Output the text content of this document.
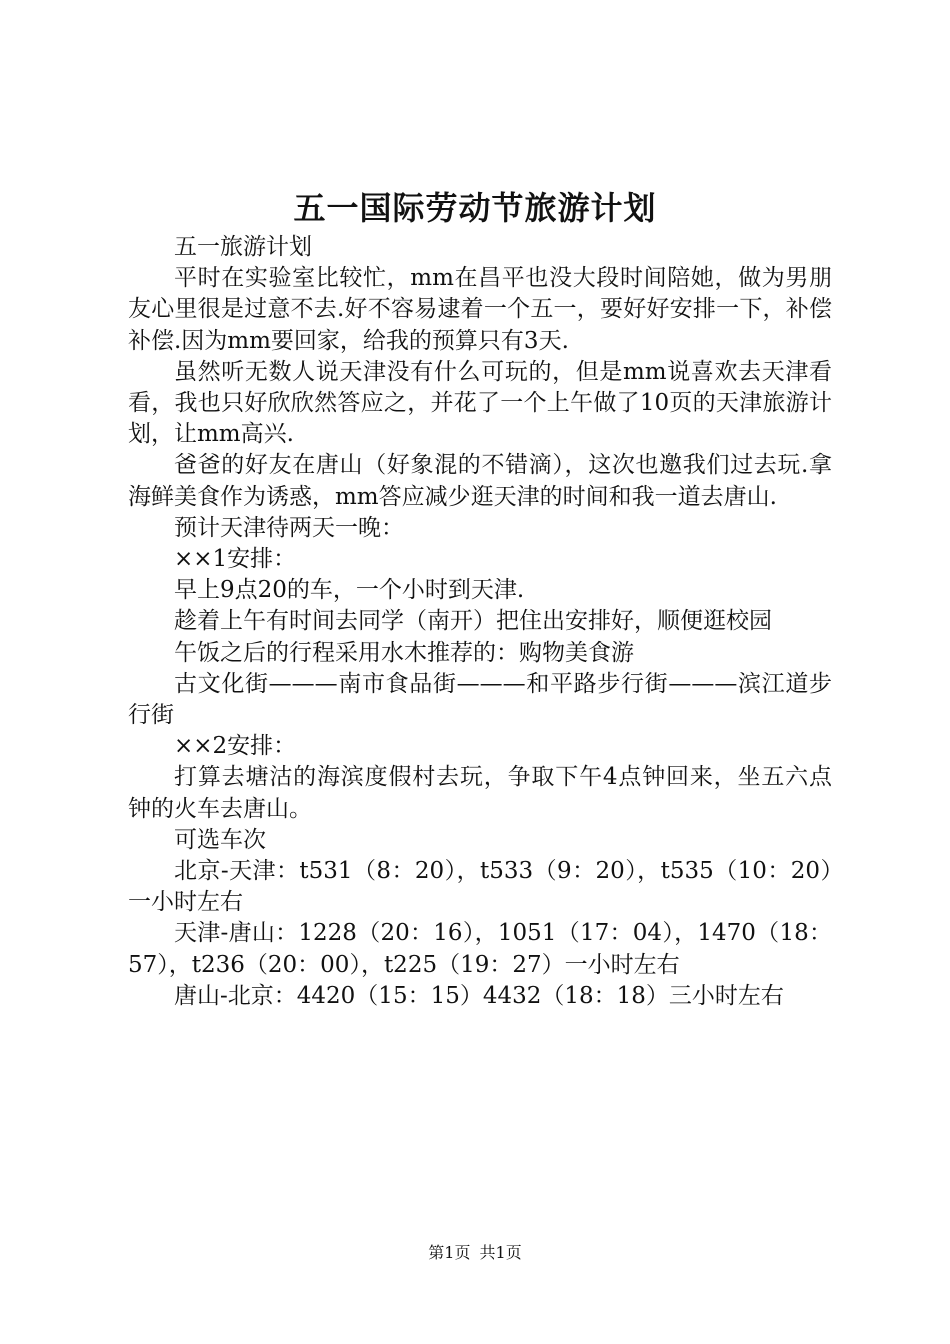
五一国际劳动节旅游计划

五一旅游计划

平时在实验室比较忙，mm在昌平也没大段时间陪她，做为男朋友心里很是过意不去.好不容易逮着一个五一，要好好安排一下，补偿补偿.因为mm要回家，给我的预算只有3天.

虽然听无数人说天津没有什么可玩的，但是mm说喜欢去天津看看，我也只好欣欣然答应之，并花了一个上午做了10页的天津旅游计划，让mm高兴.

爸爸的好友在唐山（好象混的不错滴），这次也邀我们过去玩.拿海鲜美食作为诱惑，mm答应减少逛天津的时间和我一道去唐山.

预计天津待两天一晚：

××1安排：

早上9点20的车，一个小时到天津.

趁着上午有时间去同学（南开）把住出安排好，顺便逛校园

午饭之后的行程采用水木推荐的：购物美食游

古文化街———南市食品街———和平路步行街———滨江道步行街

××2安排：

打算去塘沽的海滨度假村去玩，争取下午4点钟回来，坐五六点钟的火车去唐山。

可选车次

北京-天津：t531（8：20），t533（9：20），t535（10：20）一小时左右

天津-唐山：1228（20：16），1051（17：04），1470（18：57），t236（20：00），t225（19：27）一小时左右

唐山-北京：4420（15：15）4432（18：18）三小时左右

第1页 共1页
